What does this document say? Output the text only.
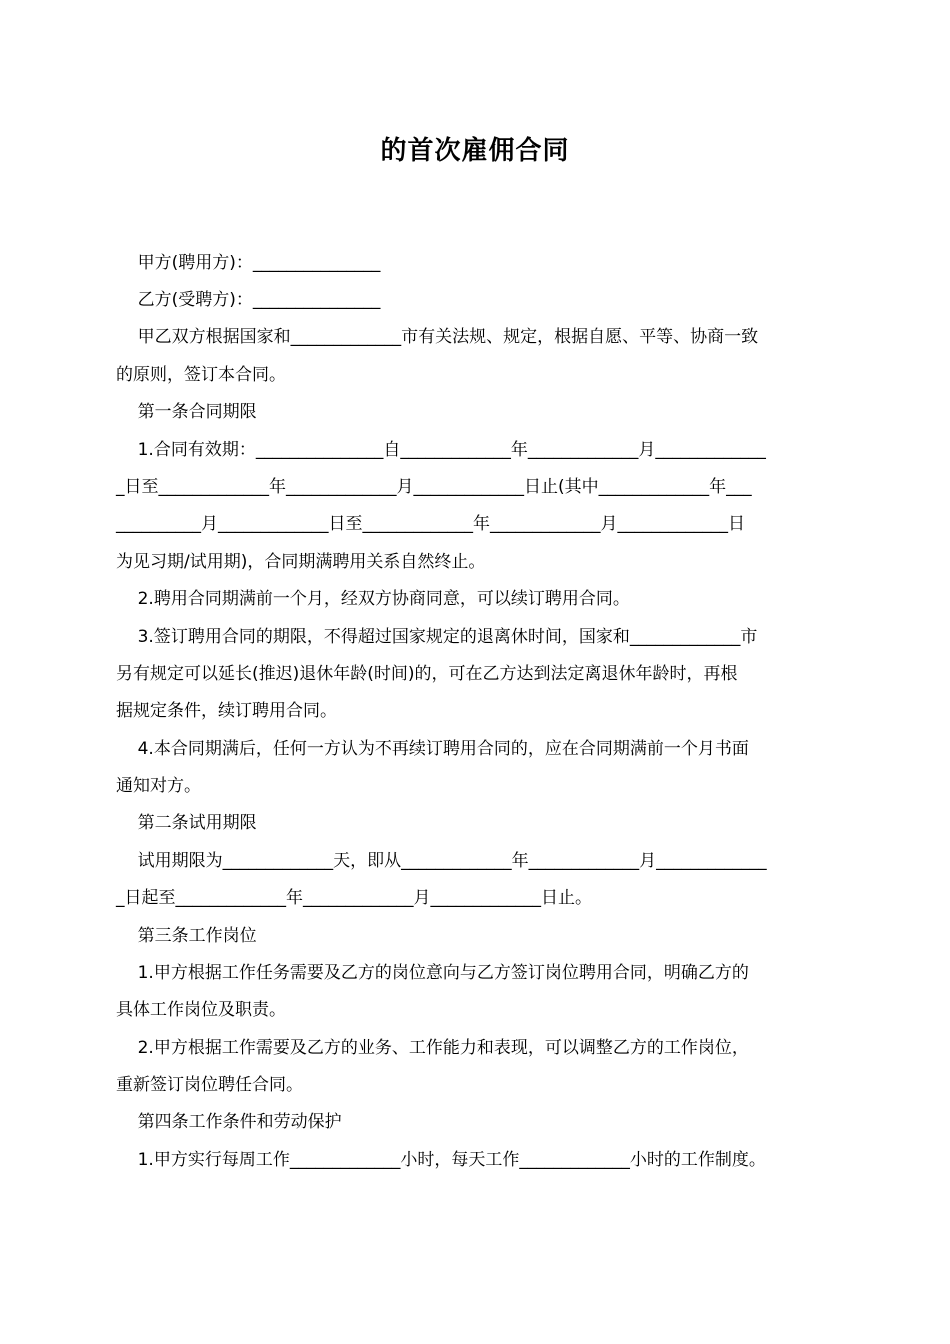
的首次雇佣合同
甲方(聘用方)：_______________
乙方(受聘方)：_______________
甲乙双方根据国家和_____________市有关法规、规定，根据自愿、平等、协商一致
的原则，签订本合同。
第一条合同期限
1.合同有效期：_______________自_____________年_____________月_____________
_日至_____________年_____________月_____________日止(其中_____________年___
__________月_____________日至_____________年_____________月_____________日
为见习期/试用期)，合同期满聘用关系自然终止。
2.聘用合同期满前一个月，经双方协商同意，可以续订聘用合同。
3.签订聘用合同的期限，不得超过国家规定的退离休时间，国家和_____________市
另有规定可以延长(推迟)退休年龄(时间)的，可在乙方达到法定离退休年龄时，再根
据规定条件，续订聘用合同。
4.本合同期满后，任何一方认为不再续订聘用合同的，应在合同期满前一个月书面
通知对方。
第二条试用期限
试用期限为_____________天，即从_____________年_____________月_____________
_日起至_____________年_____________月_____________日止。
第三条工作岗位
1.甲方根据工作任务需要及乙方的岗位意向与乙方签订岗位聘用合同，明确乙方的
具体工作岗位及职责。
2.甲方根据工作需要及乙方的业务、工作能力和表现，可以调整乙方的工作岗位，
重新签订岗位聘任合同。
第四条工作条件和劳动保护
1.甲方实行每周工作_____________小时，每天工作_____________小时的工作制度。
